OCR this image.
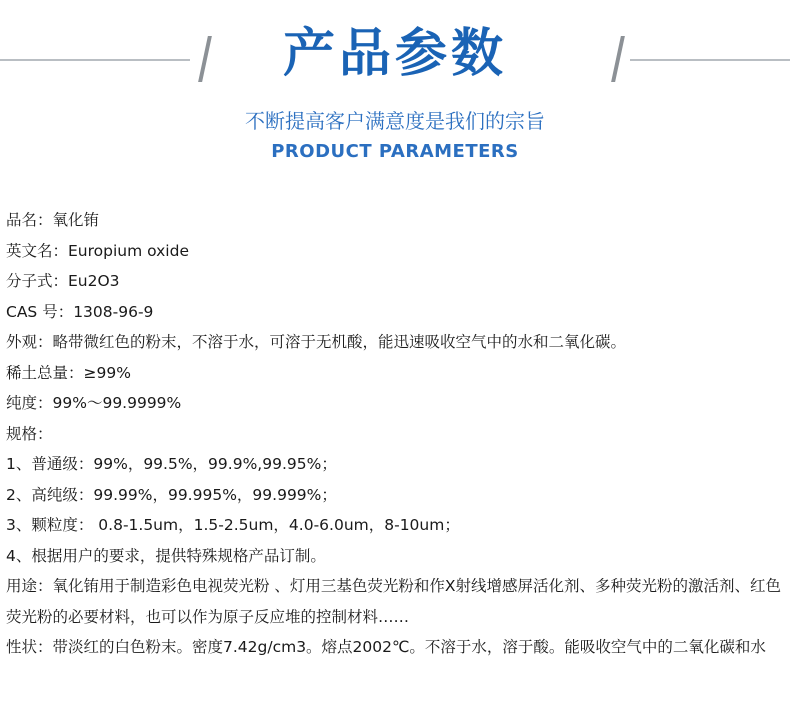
产品参数
不断提高客户满意度是我们的宗旨
PRODUCT PARAMETERS

品名：氧化铕

英文名：Europium oxide

分子式：Eu2O3

CAS 号：1308-96-9

外观：略带微红色的粉末，不溶于水，可溶于无机酸，能迅速吸收空气中的水和二氧化碳。

稀土总量：≥99%

纯度：99%～99.9999%

规格：

1、普通级：99%，99.5%，99.9%,99.95%；

2、高纯级：99.99%，99.995%，99.999%；

3、颗粒度： 0.8-1.5um，1.5-2.5um，4.0-6.0um，8-10um；

4、根据用户的要求，提供特殊规格产品订制。

用途：氧化铕用于制造彩色电视荧光粉 、灯用三基色荧光粉和作X射线增感屏活化剂、多种荧光粉的激活剂、红色荧光粉的必要材料，也可以作为原子反应堆的控制材料……

性状：带淡红的白色粉末。密度7.42g/cm3。熔点2002℃。不溶于水，溶于酸。能吸收空气中的二氧化碳和水
